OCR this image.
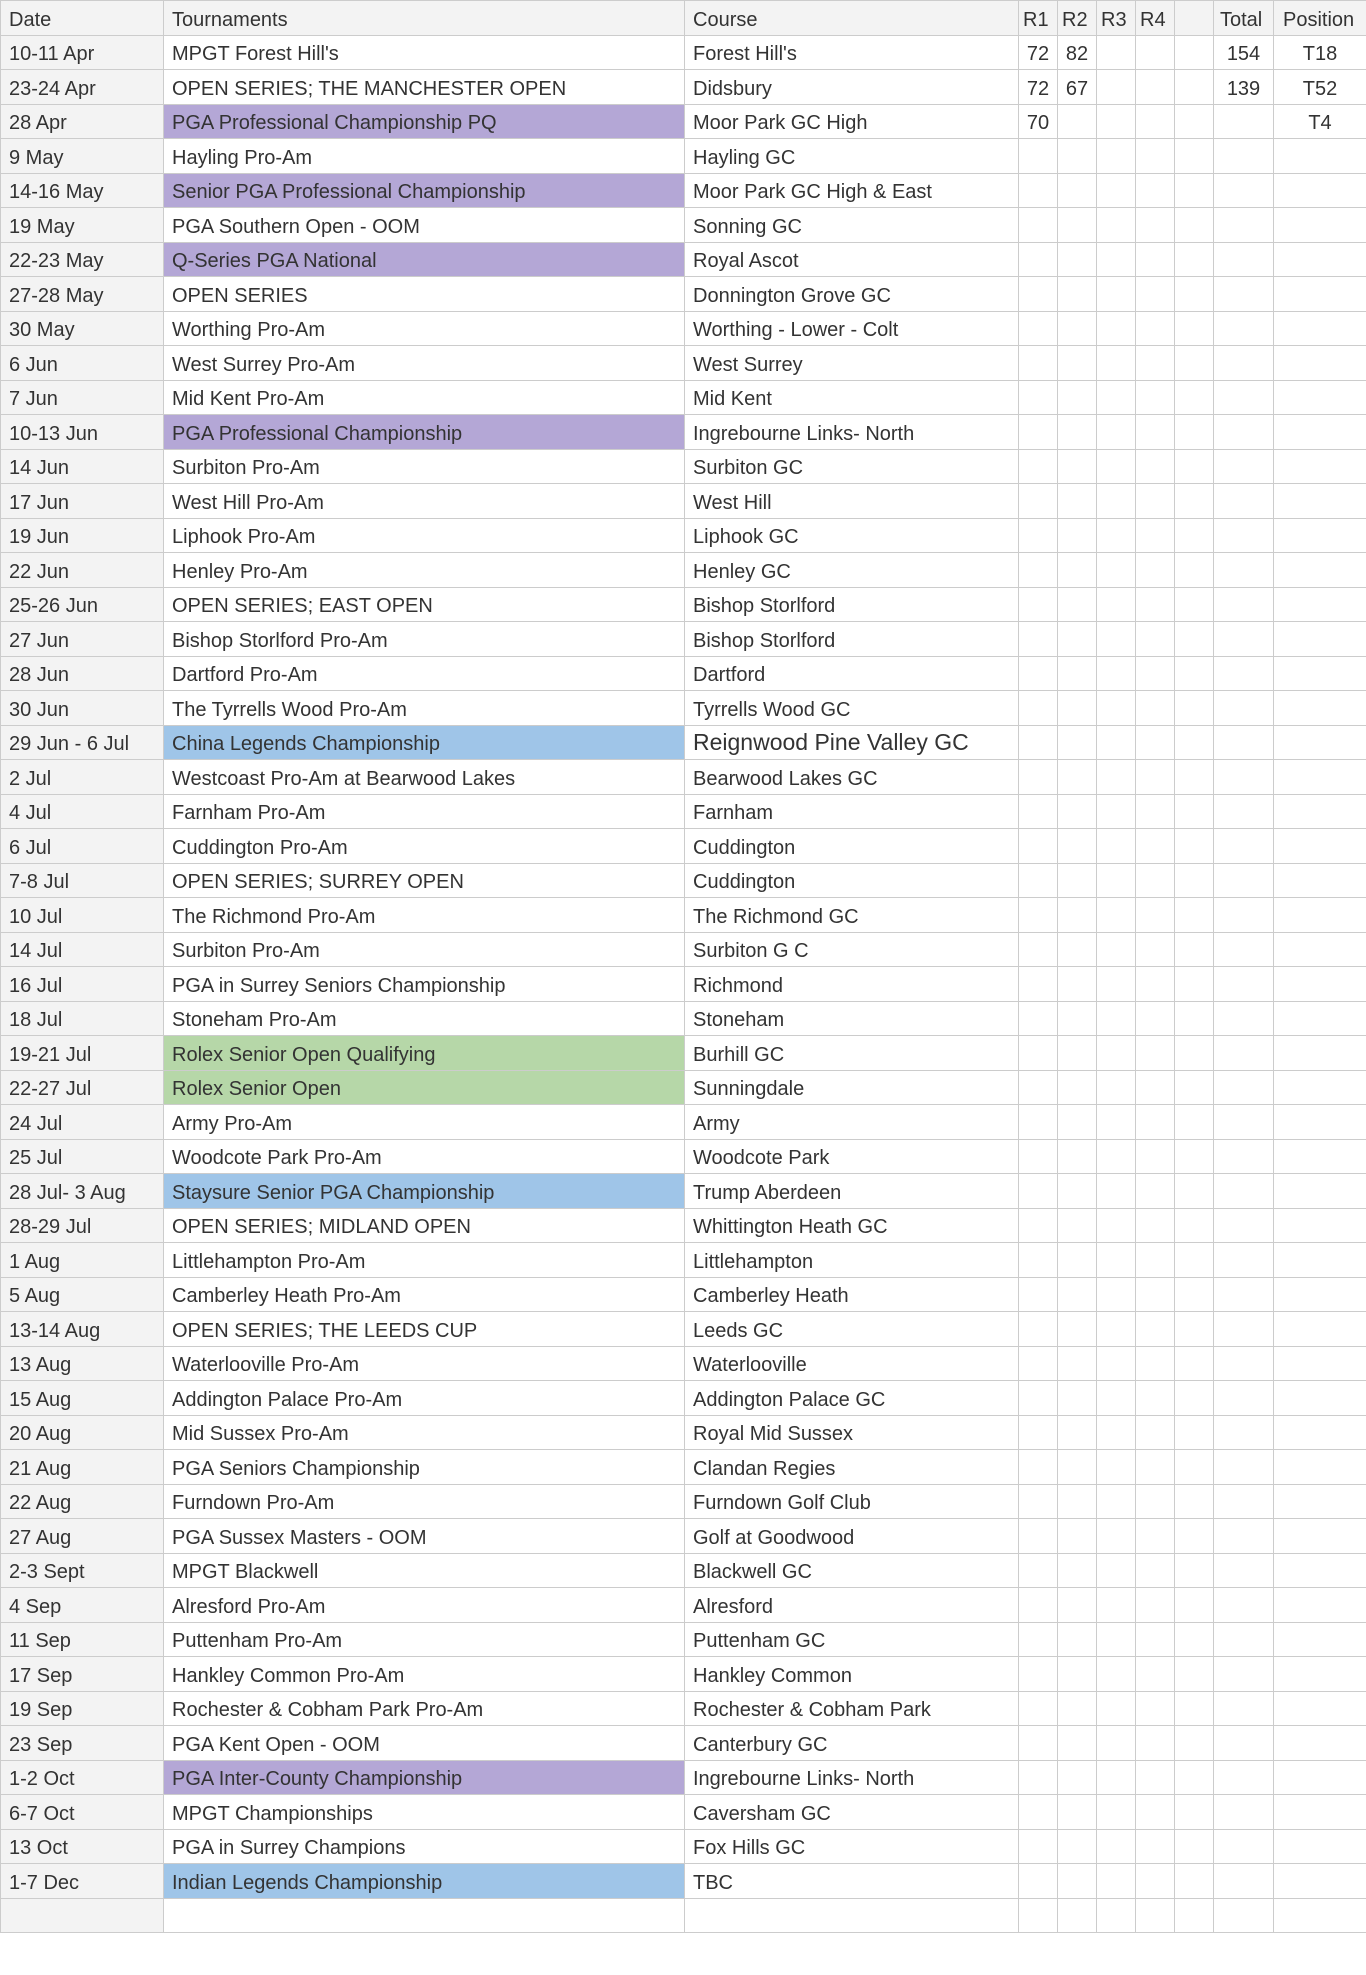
Date	Tournaments	Course	R1	R2	R3	R4		Total	Position
10-11 Apr	MPGT Forest Hill's	Forest Hill's	72	82				154	T18
23-24 Apr	OPEN SERIES; THE MANCHESTER OPEN	Didsbury	72	67				139	T52
28 Apr	PGA Professional Championship PQ	Moor Park GC High	70						T4
9 May	Hayling Pro-Am	Hayling GC							
14-16 May	Senior PGA Professional Championship	Moor Park GC High & East							
19 May	PGA Southern Open - OOM	Sonning GC							
22-23 May	Q-Series PGA National	Royal Ascot							
27-28 May	OPEN SERIES	Donnington Grove GC							
30 May	Worthing Pro-Am	Worthing - Lower - Colt							
6 Jun	West Surrey Pro-Am	West Surrey							
7 Jun	Mid Kent Pro-Am	Mid Kent							
10-13 Jun	PGA Professional Championship	Ingrebourne Links- North							
14 Jun	Surbiton Pro-Am	Surbiton GC							
17 Jun	West Hill Pro-Am	West Hill							
19 Jun	Liphook Pro-Am	Liphook GC							
22 Jun	Henley Pro-Am	Henley GC							
25-26 Jun	OPEN SERIES; EAST OPEN	Bishop Storlford							
27 Jun	Bishop Storlford Pro-Am	Bishop Storlford							
28 Jun	Dartford Pro-Am	Dartford							
30 Jun	The Tyrrells Wood Pro-Am	Tyrrells Wood GC							
29 Jun - 6 Jul	China Legends Championship	Reignwood Pine Valley GC							
2 Jul	Westcoast Pro-Am at Bearwood Lakes	Bearwood Lakes GC							
4 Jul	Farnham Pro-Am	Farnham							
6 Jul	Cuddington Pro-Am	Cuddington							
7-8 Jul	OPEN SERIES; SURREY OPEN	Cuddington							
10 Jul	The Richmond Pro-Am	The Richmond GC							
14 Jul	Surbiton Pro-Am	Surbiton G C							
16 Jul	PGA in Surrey Seniors Championship	Richmond							
18 Jul	Stoneham Pro-Am	Stoneham							
19-21 Jul	Rolex Senior Open Qualifying	Burhill GC							
22-27 Jul	Rolex Senior Open	Sunningdale							
24 Jul	Army Pro-Am	Army							
25 Jul	Woodcote Park Pro-Am	Woodcote Park							
28 Jul- 3 Aug	Staysure Senior PGA Championship	Trump Aberdeen							
28-29 Jul	OPEN SERIES; MIDLAND OPEN	Whittington Heath GC							
1 Aug	Littlehampton Pro-Am	Littlehampton							
5 Aug	Camberley Heath Pro-Am	Camberley Heath							
13-14 Aug	OPEN SERIES; THE LEEDS CUP	Leeds GC							
13 Aug	Waterlooville Pro-Am	Waterlooville							
15 Aug	Addington Palace Pro-Am	Addington Palace GC							
20 Aug	Mid Sussex Pro-Am	Royal Mid Sussex							
21 Aug	PGA Seniors Championship	Clandan Regies							
22 Aug	Furndown Pro-Am	Furndown Golf Club							
27 Aug	PGA Sussex Masters - OOM	Golf at Goodwood							
2-3 Sept	MPGT Blackwell	Blackwell GC							
4 Sep	Alresford Pro-Am	Alresford							
11 Sep	Puttenham Pro-Am	Puttenham GC							
17 Sep	Hankley Common Pro-Am	Hankley Common							
19 Sep	Rochester & Cobham Park Pro-Am	Rochester & Cobham Park							
23 Sep	PGA Kent Open - OOM	Canterbury GC							
1-2 Oct	PGA Inter-County Championship	Ingrebourne Links- North							
6-7 Oct	MPGT Championships	Caversham GC							
13 Oct	PGA in Surrey Champions	Fox Hills GC							
1-7 Dec	Indian Legends Championship	TBC							
